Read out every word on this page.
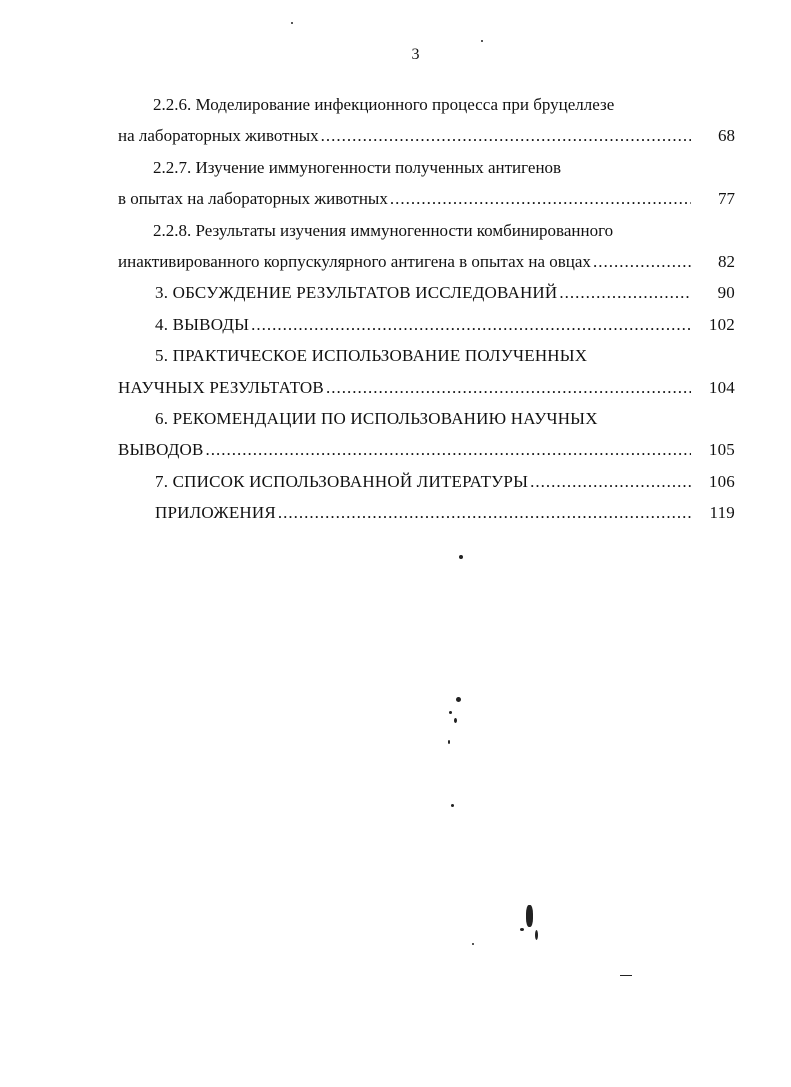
3
2.2.6. Моделирование инфекционного процесса при бруцеллезе
на лабораторных животных .....	68
2.2.7. Изучение иммуногенности полученных антигенов
в опытах на лабораторных животных .....	77
2.2.8. Результаты изучения иммуногенности комбинированного
инактивированного корпускулярного антигена в опытах на овцах .....	82
3. ОБСУЖДЕНИЕ РЕЗУЛЬТАТОВ ИССЛЕДОВАНИЙ .....	90
4. ВЫВОДЫ .....	102
5. ПРАКТИЧЕСКОЕ ИСПОЛЬЗОВАНИЕ ПОЛУЧЕННЫХ
НАУЧНЫХ РЕЗУЛЬТАТОВ .....	104
6. РЕКОМЕНДАЦИИ ПО ИСПОЛЬЗОВАНИЮ НАУЧНЫХ
ВЫВОДОВ .....	105
7. СПИСОК ИСПОЛЬЗОВАННОЙ ЛИТЕРАТУРЫ .....	106
ПРИЛОЖЕНИЯ .....	119
